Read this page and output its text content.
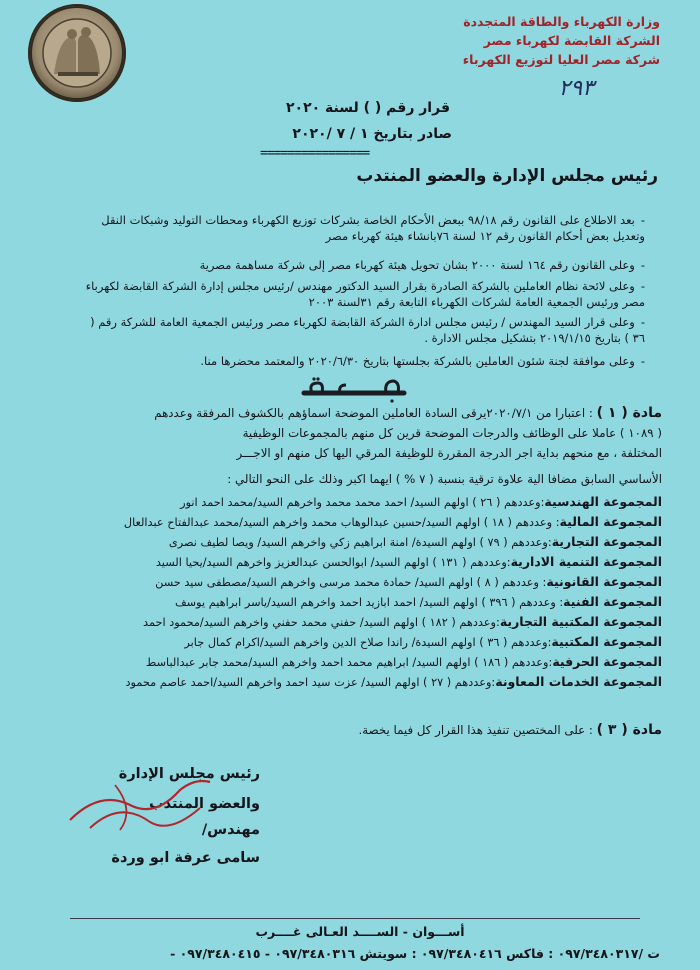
وزارة الكهرباء والطاقة المتجددة
الشركة القابضة لكهرباء مصر
شركة مصر العليا لتوزيع الكهرباء
قرار رقم ( ) لسنة ٢٠٢٠
٢٩٣
صادر بتاريخ ١ / ٧ /٢٠٢٠
================
رئيس مجلس الإدارة والعضو المنتدب
-بعد الاطلاع على القانون رقم ٩٨/١٨ ببعض الأحكام الخاصة بشركات توزيع الكهرباء ومحطات التوليد وشبكات النقل وتعديل بعض أحكام القانون رقم ١٢ لسنة ٧٦بانشاء هيئة كهرباء مصر
-وعلى القانون رقم ١٦٤ لسنة ٢٠٠٠ بشان تحويل هيئة كهرباء مصر إلى شركة مساهمة مصرية
-وعلى لائحة نظام العاملين بالشركة الصادرة بقرار السيد الدكتور مهندس /رئيس مجلس إدارة الشركة القابضة لكهرباء مصر ورئيس الجمعية العامة لشركات الكهرباء التابعة رقم ٣١لسنة ٢٠٠٣
-وعلى قرار السيد المهندس / رئيس مجلس ادارة الشركة القابضة لكهرباء مصر ورئيس الجمعية العامة للشركة رقم ( ٣٦ ) بتاريخ ٢٠١٩/١/١٥ بتشكيل مجلس الادارة .
-وعلى موافقة لجنة شئون العاملين بالشركة بجلستها بتاريخ ٢٠٢٠/٦/٣٠ والمعتمد محضرها منا.
مادة ( ١ ) : اعتبارا من ٢٠٢٠/٧/١يرقى السادة العاملين الموضحة اسماؤهم بالكشوف المرفقة وعددهم
( ١٠٨٩ ) عاملا على الوظائف والدرجات الموضحة قرين كل منهم بالمجموعات الوظيفية
المختلفة ، مع منحهم بداية اجر الدرجة المقررة للوظيفة المرقي اليها كل منهم او الاجـــر
الأساسي السابق مضافا الية علاوة ترقية بنسبة ( ٧ % ) ايهما اكبر وذلك على النحو التالي :
المجموعة الهندسية:وعددهم ( ٢٦ ) اولهم السيد/ احمد محمد محمد واخرهم السيد/محمد احمد انور
المجموعة المالية: وعددهم ( ١٨ ) اولهم السيد/حسين عبدالوهاب محمد واخرهم السيد/محمد عبدالفتاح عبدالعال
المجموعة التجارية:وعددهم ( ٧٩ ) اولهم السيدة/ امنة ابراهيم زكي واخرهم السيد/ ويصا لطيف نصرى
المجموعة التنمية الادارية:وعددهم ( ١٣١ ) اولهم السيد/ ابوالحسن عبدالعزيز واخرهم السيد/يحيا السيد
المجموعة القانونية: وعددهم ( ٨ ) اولهم السيد/ حمادة محمد مرسى واخرهم السيد/مصطفى سيد حسن
المجموعة الفنية: وعددهم ( ٣٩٦ ) اولهم السيد/ احمد ابازيد احمد واخرهم السيد/ياسر ابراهيم يوسف
المجموعة المكتبية التجارية:وعددهم ( ١٨٢ ) اولهم السيد/ حفني محمد حفني واخرهم السيد/محمود احمد
المجموعة المكتبية:وعددهم ( ٣٦ ) اولهم السيدة/ راندا صلاح الدين واخرهم السيد/اكرام كمال جابر
المجموعة الحرفية:وعددهم ( ١٨٦ ) اولهم السيد/ ابراهيم محمد احمد واخرهم السيد/محمد جابر عبدالباسط
المجموعة الخدمات المعاونة:وعددهم ( ٢٧ ) اولهم السيد/ عزت سيد احمد واخرهم السيد/احمد عاصم محمود
مادة ( ٣ ) : على المختصين تنفيذ هذا القرار كل فيما يخصة.
رئيس مجلس الإدارة
والعضو المنتدب
مهندس/
سامى عرفة ابو وردة
أســـوان - الســــد العـالى غــــرب
ت /٠٩٧/٣٤٨٠٣١٧ : فاكس ٠٩٧/٣٤٨٠٤١٦ : سويتش ٠٩٧/٣٤٨٠٣١٦ - ٠٩٧/٣٤٨٠٤١٥ -
